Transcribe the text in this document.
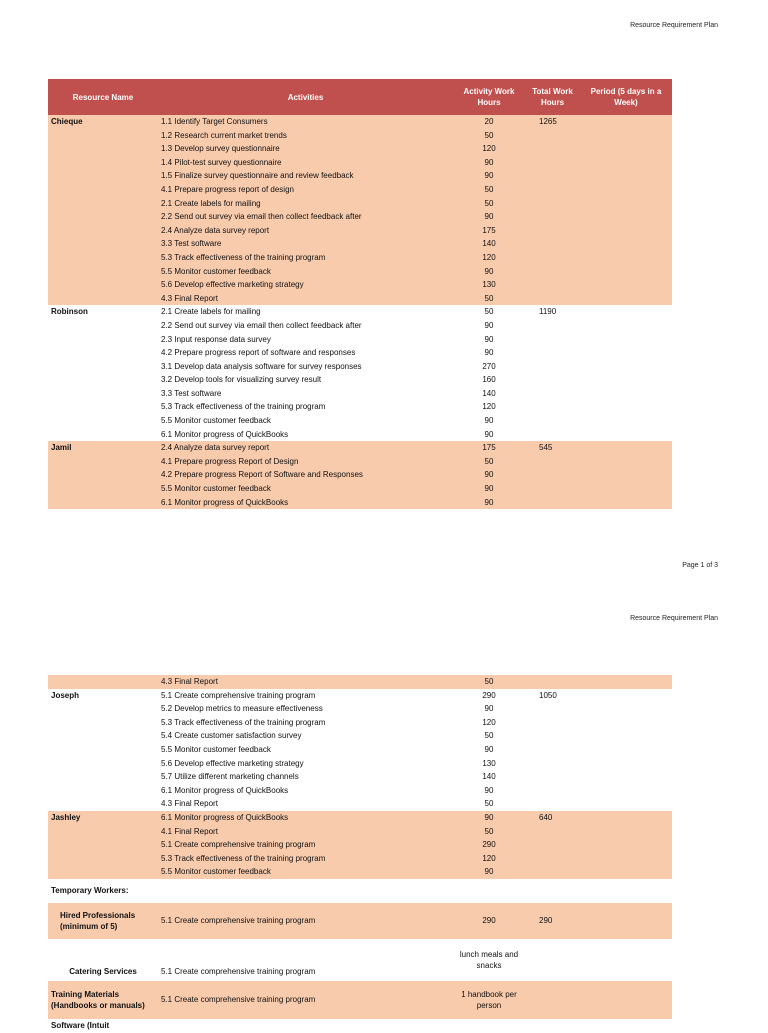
Resource Requirement Plan
Resource Name	Activities	Activity Work Hours	Total Work Hours	Period (5 days in a Week)
Chieque	1.1 Identify Target Consumers	20	1265	
	1.2 Research current market trends	50		
	1.3 Develop survey questionnaire	120		
	1.4 Pilot-test survey questionnaire	90		
	1.5 Finalize survey questionnaire and review feedback	90		
	4.1 Prepare progress report of design	50		
	2.1 Create labels for mailing	50		
	2.2 Send out survey via email then collect feedback after	90		
	2.4 Analyze data survey report	175		
	3.3 Test software	140		
	5.3 Track effectiveness of the training program	120		
	5.5 Monitor customer feedback	90		
	5.6 Develop effective marketing strategy	130		
	4.3 Final Report	50		
Robinson	2.1 Create labels for mailing	50	1190	
	2.2 Send out survey via email then collect feedback after	90		
	2.3 Input response data survey	90		
	4.2 Prepare progress report of software and responses	90		
	3.1 Develop data analysis software for survey responses	270		
	3.2 Develop tools for visualizing survey result	160		
	3.3 Test software	140		
	5.3 Track effectiveness of the training program	120		
	5.5 Monitor customer feedback	90		
	6.1 Monitor progress of QuickBooks	90		
Jamil	2.4 Analyze data survey report	175	545	
	4.1 Prepare progress Report of Design	50		
	4.2 Prepare progress Report of Software and Responses	90		
	5.5 Monitor customer feedback	90		
	6.1 Monitor progress of QuickBooks	90		
Page 1 of 3
Resource Requirement Plan
	4.3 Final Report	50		
Joseph	5.1 Create comprehensive training program	290	1050	
	5.2 Develop metrics to measure effectiveness	90		
	5.3 Track effectiveness of the training program	120		
	5.4 Create customer satisfaction survey	50		
	5.5 Monitor customer feedback	90		
	5.6 Develop effective marketing strategy	130		
	5.7 Utilize different marketing channels	140		
	6.1 Monitor progress of QuickBooks	90		
	4.3 Final Report	50		
Jashley	6.1 Monitor progress of QuickBooks	90	640	
	4.1 Final Report	50		
	5.1 Create comprehensive training program	290		
	5.3 Track effectiveness of the training program	120		
	5.5 Monitor customer feedback	90		
Temporary Workers:				
Hired Professionals (minimum of 5)	5.1 Create comprehensive training program	290	290	
Catering Services	5.1 Create comprehensive training program	lunch meals and snacks		
Training Materials (Handbooks or manuals)	5.1 Create comprehensive training program	1 handbook per person		
Software (Intuit				
